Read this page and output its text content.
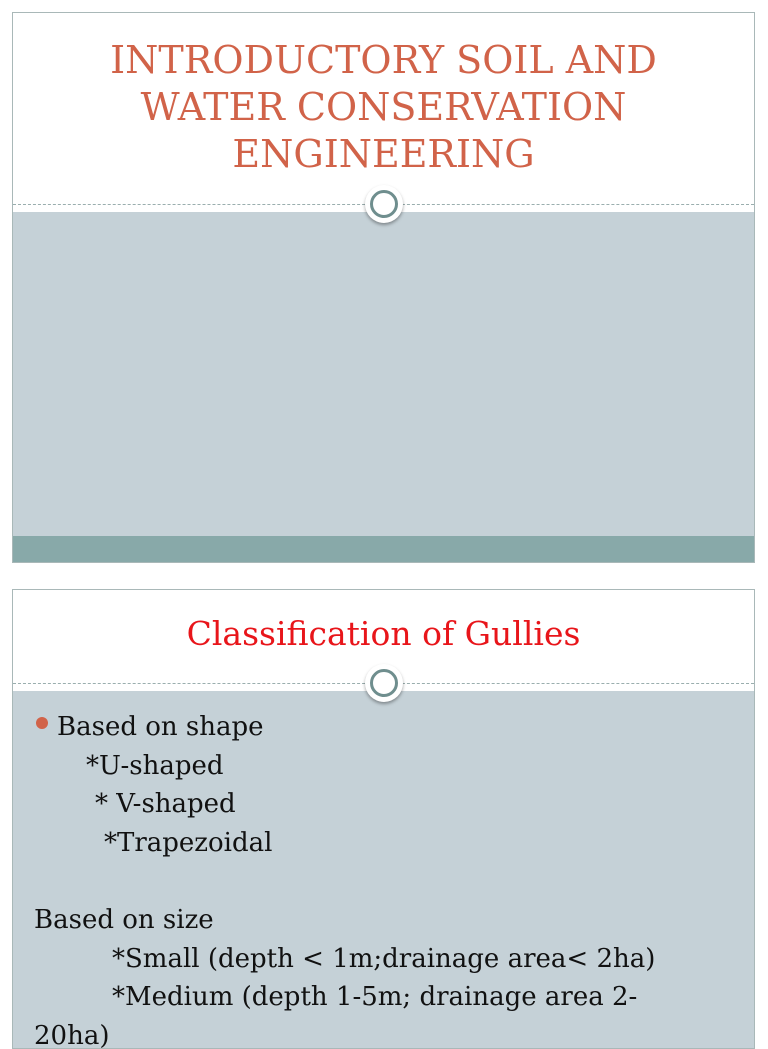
INTRODUCTORY SOIL AND
WATER CONSERVATION
ENGINEERING
Classification of Gullies
Based on shape
*U-shaped
* V-shaped
*Trapezoidal
Based on size
*Small (depth < 1m;drainage area< 2ha)
*Medium (depth 1-5m; drainage area 2-
20ha)
